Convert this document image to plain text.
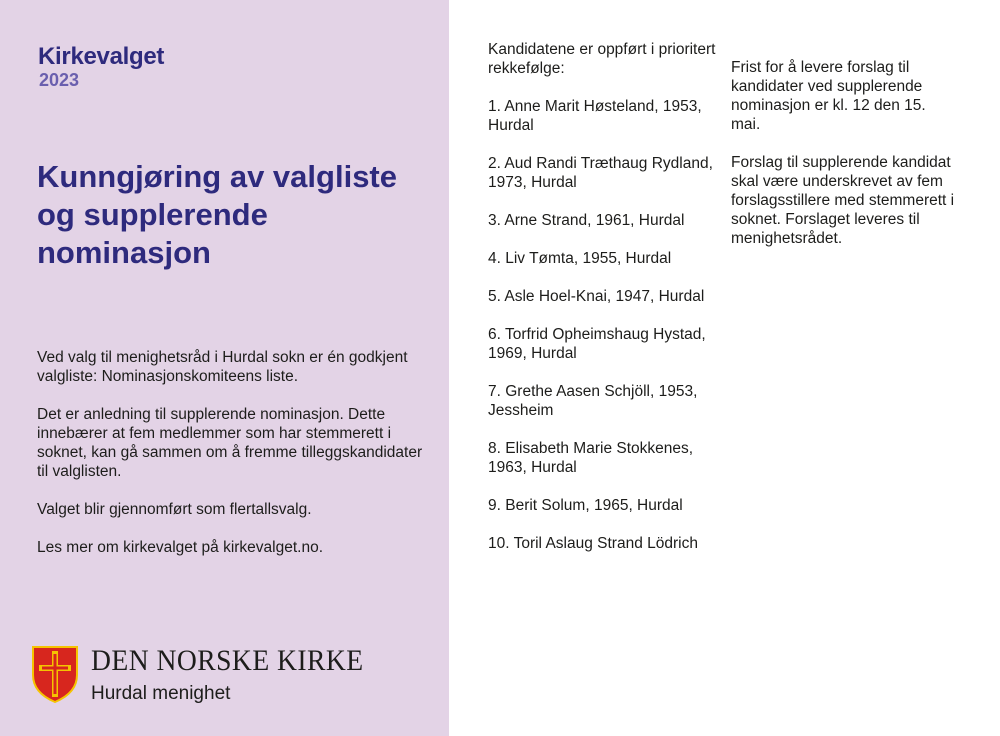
Kirkevalget
2023
Kunngjøring av valgliste og supplerende nominasjon

Ved valg til menighetsråd i Hurdal sokn er én godkjent valgliste: Nominasjonskomiteens liste.

Det er anledning til supplerende nominasjon. Dette innebærer at fem medlemmer som har stemmerett i soknet, kan gå sammen om å fremme tilleggskandidater til valglisten.

Valget blir gjennomført som flertallsvalg.

Les mer om kirkevalget på kirkevalget.no.

DEN NORSKE KIRKE
Hurdal menighet

Kandidatene er oppført i prioritert rekkefølge:

1. Anne Marit Høsteland, 1953, Hurdal
2. Aud Randi Træthaug Rydland, 1973, Hurdal
3. Arne Strand, 1961, Hurdal
4. Liv Tømta, 1955, Hurdal
5. Asle Hoel-Knai, 1947, Hurdal
6. Torfrid Opheimshaug Hystad, 1969, Hurdal
7. Grethe Aasen Schjöll, 1953, Jessheim
8. Elisabeth Marie Stokkenes, 1963, Hurdal
9. Berit Solum, 1965, Hurdal
10. Toril Aslaug Strand Lödrich

Frist for å levere forslag til kandidater ved supplerende nominasjon er kl. 12 den 15. mai.

Forslag til supplerende kandidat skal være underskrevet av fem forslagsstillere med stemmerett i soknet. Forslaget leveres til menighetsrådet.
